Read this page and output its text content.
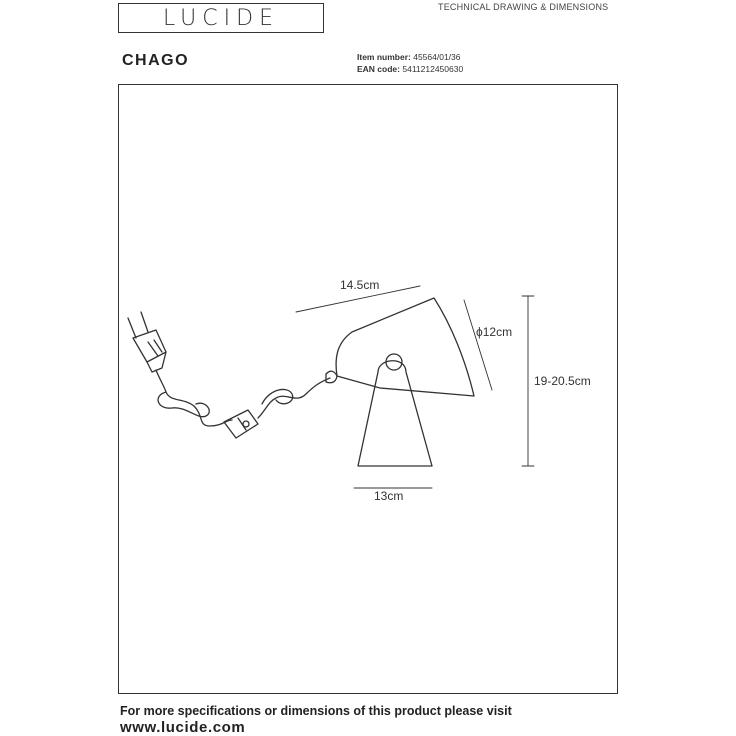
LUCIDE	TECHNICAL DRAWING & DIMENSIONS
CHAGO	Item number: 45564/01/36
EAN code: 5411212450630
14.5cm
ϕ12cm
19-20.5cm
13cm
For more specifications or dimensions of this product please visit
www.lucide.com
